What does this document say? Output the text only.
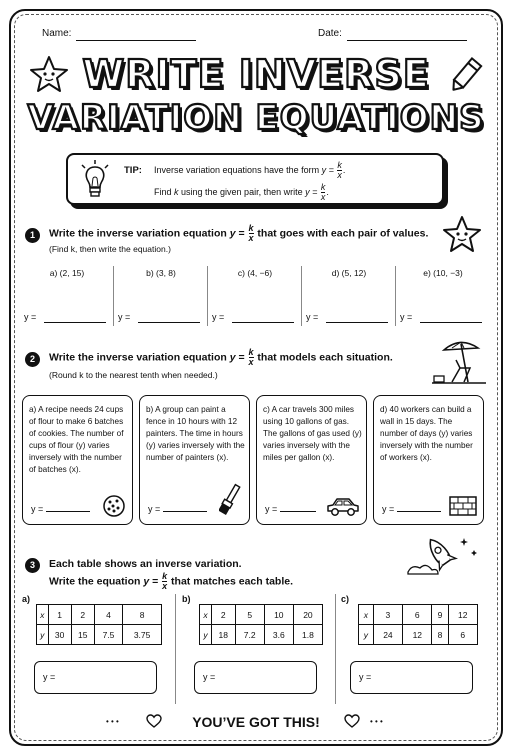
Name:	Date:
WRITE INVERSE
VARIATION EQUATIONS
TIP: Inverse variation equations have the form $y = \frac{k}{x}$ .
Find k using the given pair, then write $y = \frac{k}{x}$ .
1	Write the inverse variation equation $y = \frac{k}{x}$ that goes with each pair of values.
(Find k, then write the equation.)
a) (2, 15)	b) (3, 8)	c) (4, −6)	d) (5, 12)	e) (10, −3)
y =	y =	y =	y =	y =
2	Write the inverse variation equation $y = \frac{k}{x}$ that models each situation.
(Round k to the nearest tenth when needed.)
a) A recipe needs 24 cups of flour to make 6 batches of cookies. The number of cups of flour (y) varies inversely with the number of batches (x).
y =
b) A group can paint a fence in 10 hours with 12 painters. The time in hours (y) varies inversely with the number of painters (x).
y =
c) A car travels 300 miles using 10 gallons of gas. The gallons of gas used (y) varies inversely with the miles per gallon (x).
y =
d) 40 workers can build a wall in 15 days. The number of days (y) varies inversely with the number of workers (x).
y =
3	Each table shows an inverse variation.
Write the equation $y = \frac{k}{x}$ that matches each table.
a)
x	1	2	4	8
y	30	15	7.5	3.75
b)
x	2	5	10	20
y	18	7.2	3.6	1.8
c)
x	3	6	9	12
y	24	12	8	6
y =	y =	y =
• • •	YOU’VE GOT THIS!	• • •
